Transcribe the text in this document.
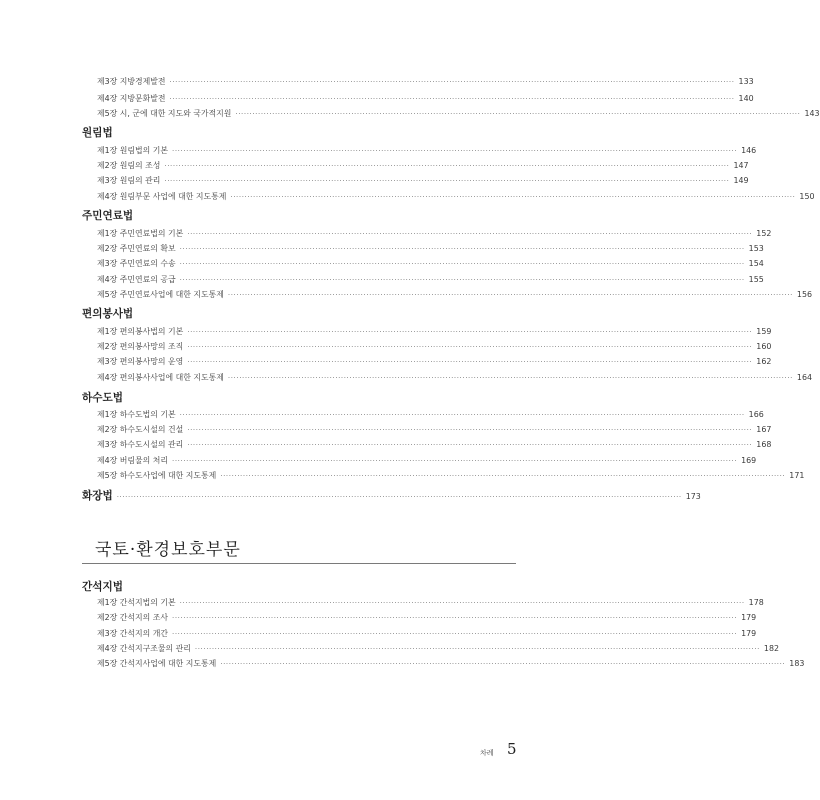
국토·환경보호부문
차례 5
제3장 지방경제발전 ········································································································································································································ 133
제4장 지방문화발전 ········································································································································································································ 140
제5장 시, 군에 대한 지도와 국가적지원 ········································································································································································································ 143
원림법
제1장 원림법의 기본 ········································································································································································································ 146
제2장 원림의 조성 ········································································································································································································ 147
제3장 원림의 관리 ········································································································································································································ 149
제4장 원림부문 사업에 대한 지도통제 ········································································································································································································ 150
주민연료법
제1장 주민연료법의 기본 ········································································································································································································ 152
제2장 주민연료의 확보 ········································································································································································································ 153
제3장 주민연료의 수송 ········································································································································································································ 154
제4장 주민연료의 공급 ········································································································································································································ 155
제5장 주민연료사업에 대한 지도통제 ········································································································································································································ 156
편의봉사법
제1장 편의봉사법의 기본 ········································································································································································································ 159
제2장 편의봉사망의 조직 ········································································································································································································ 160
제3장 편의봉사망의 운영 ········································································································································································································ 162
제4장 편의봉사사업에 대한 지도통제 ········································································································································································································ 164
하수도법
제1장 하수도법의 기본 ········································································································································································································ 166
제2장 하수도시설의 건설 ········································································································································································································ 167
제3장 하수도시설의 관리 ········································································································································································································ 168
제4장 버림물의 처리 ········································································································································································································ 169
제5장 하수도사업에 대한 지도통제 ········································································································································································································ 171
화장법 ········································································································································································································ 173
간석지법
제1장 간석지법의 기본 ········································································································································································································ 178
제2장 간석지의 조사 ········································································································································································································ 179
제3장 간석지의 개간 ········································································································································································································ 179
제4장 간석지구조물의 관리 ········································································································································································································ 182
제5장 간석지사업에 대한 지도통제 ········································································································································································································ 183
